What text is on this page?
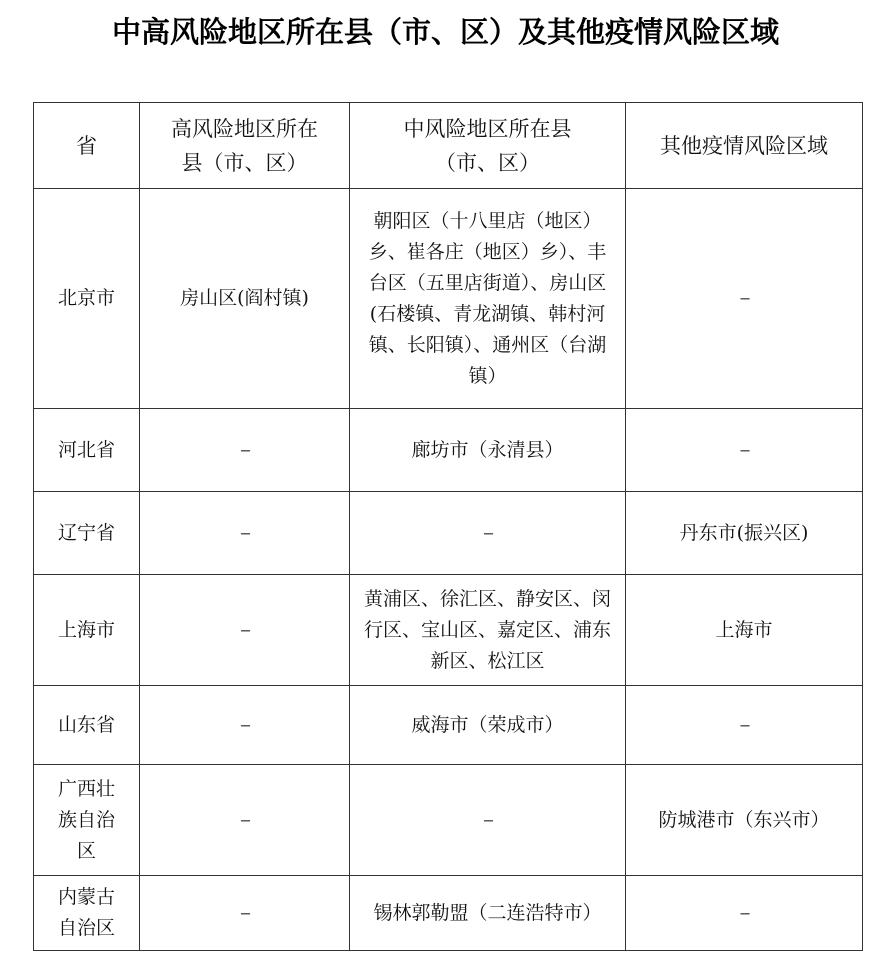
中高风险地区所在县（市、区）及其他疫情风险区域
省	高风险地区所在县（市、区）	中风险地区所在县（市、区）	其他疫情风险区域
北京市	房山区(阎村镇)	朝阳区（十八里店（地区）乡、崔各庄（地区）乡）、丰台区（五里店街道）、房山区(石楼镇、青龙湖镇、韩村河镇、长阳镇）、通州区（台湖镇）	--
河北省	--	廊坊市（永清县）	--
辽宁省	--	--	丹东市(振兴区)
上海市	--	黄浦区、徐汇区、静安区、闵行区、宝山区、嘉定区、浦东新区、松江区	上海市
山东省	--	威海市（荣成市）	--
广西壮族自治区	--	--	防城港市（东兴市）
内蒙古自治区	--	锡林郭勒盟（二连浩特市）	--
